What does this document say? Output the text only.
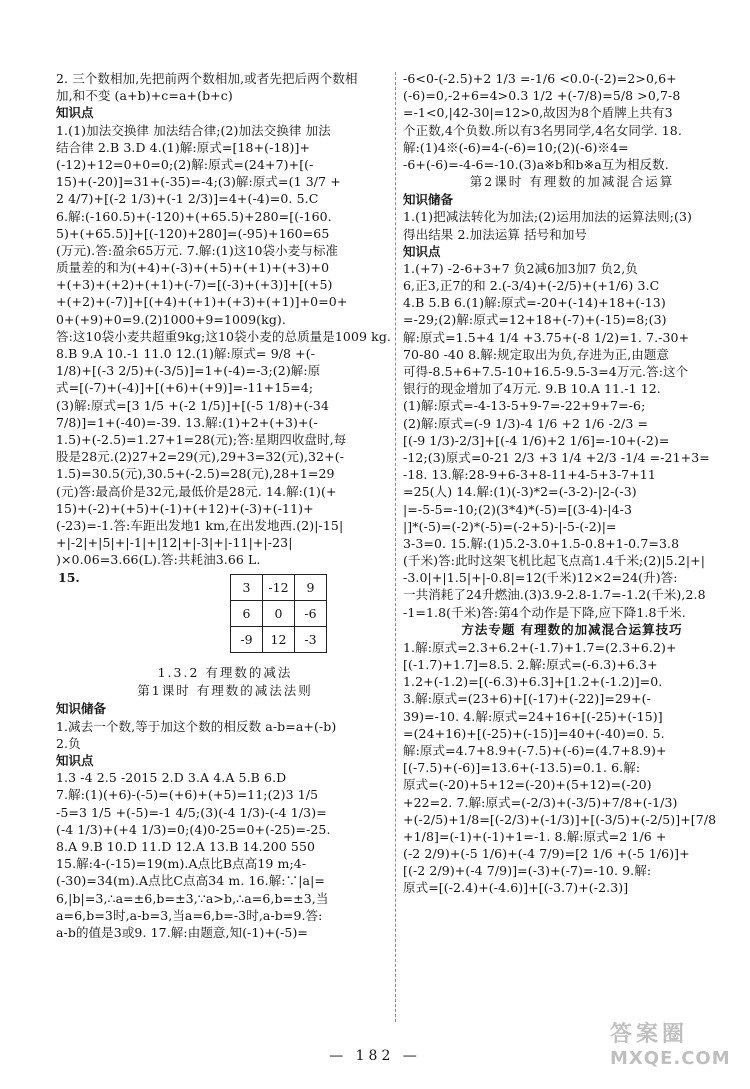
2. 三个数相加,先把前两个数相加,或者先把后两个数相
加,和不变 (a+b)+c=a+(b+c)
知识点
1.(1)加法交换律 加法结合律;(2)加法交换律 加法
结合律 2.B 3.D 4.(1)解:原式=[18+(-18)]+
(-12)+12=0+0=0;(2)解:原式=(24+7)+[(-
15)+(-20)]=31+(-35)=-4;(3)解:原式=(1 3/7 +
2 4/7)+[(-2 1/3)+(-1 2/3)]=4+(-4)=0. 5.C
6.解:(-160.5)+(-120)+(+65.5)+280=[(-160.
5)+(+65.5)]+[(-120)+280]=(-95)+160=65
(万元).答:盈余65万元. 7.解:(1)这10袋小麦与标准
质量差的和为(+4)+(-3)+(+5)+(+1)+(+3)+0
+(+3)+(+2)+(+1)+(-7)=[(-3)+(+3)]+[(+5)
+(+2)+(-7)]+[(+4)+(+1)+(+3)+(+1)]+0=0+
0+(+9)+0=9.(2)1000+9=1009(kg).
答:这10袋小麦共超重9kg;这10袋小麦的总质量是1009 kg.
8.B 9.A 10.-1 11.0 12.(1)解:原式= 9/8 +(-
1/8)+[(-3 2/5)+(-3/5)]=1+(-4)=-3;(2)解:原
式=[(-7)+(-4)]+[(+6)+(+9)]=-11+15=4;
(3)解:原式=[3 1/5 +(-2 1/5)]+[(-5 1/8)+(-34
7/8)]=1+(-40)=-39. 13.解:(1)+2+(+3)+(-
1.5)+(-2.5)=1.27+1=28(元);答:星期四收盘时,每
股是28元.(2)27+2=29(元),29+3=32(元),32+(-
1.5)=30.5(元),30.5+(-2.5)=28(元),28+1=29
(元)答:最高价是32元,最低价是28元. 14.解:(1)(+
15)+(-2)+(+5)+(-1)+(+12)+(-3)+(-11)+
(-23)=-1.答:车距出发地1 km,在出发地西.(2)|-15|
+|-2|+|5|+|-1|+|12|+|-3|+|-11|+|-23|
)×0.06=3.66(L).答:共耗油3.66 L.
15.
3	-12	9
6	0	-6
-9	12	-3
1.3.2 有理数的减法
第1课时 有理数的减法法则
知识储备
1.减去一个数,等于加这个数的相反数 a-b=a+(-b)
2.负
知识点
1.3 -4 2.5 -2015 2.D 3.A 4.A 5.B 6.D
7.解:(1)(+6)-(-5)=(+6)+(+5)=11;(2)3 1/5
-5=3 1/5 +(-5)=-1 4/5;(3)(-4 1/3)-(-4 1/3)=
(-4 1/3)+(+4 1/3)=0;(4)0-25=0+(-25)=-25.
8.A 9.B 10.D 11.D 12.A 13.B 14.200 550
15.解:4-(-15)=19(m).A点比B点高19 m;4-
(-30)=34(m).A点比C点高34 m. 16.解:∵|a|=
6,|b|=3,∴a=±6,b=±3,∵a>b,∴a=6,b=±3,当
a=6,b=3时,a-b=3,当a=6,b=-3时,a-b=9.答:
a-b的值是3或9. 17.解:由题意,知(-1)+(-5)=
-6<0-(-2.5)+2 1/3 =-1/6 <0.0-(-2)=2>0,6+
(-6)=0,-2+6=4>0.3 1/2 +(-7/8)=5/8 >0,7-8
=-1<0,|42-30|=12>0,故因为8个盾牌上共有3
个正数,4个负数.所以有3名男同学,4名女同学. 18.
解:(1)4※(-6)=4-(-6)=10;(2)(-6)※4=
-6+(-6)=-4-6=-10.(3)a※b和b※a互为相反数.
第2课时 有理数的加减混合运算
知识储备
1.(1)把减法转化为加法;(2)运用加法的运算法则;(3)
得出结果 2.加法运算 括号和加号
知识点
1.(+7) -2-6+3+7 负2减6加3加7 负2,负
6,正3,正7的和 2.(-3/4)+(-2/5)+(+1/6) 3.C
4.B 5.B 6.(1)解:原式=-20+(-14)+18+(-13)
=-29;(2)解:原式=12+18+(-7)+(-15)=8;(3)
解:原式=1.5+4 1/4 +3.75+(-8 1/2)=1. 7.-30+
70-80 -40 8.解:规定取出为负,存进为正,由题意
可得-8.5+6+7.5-10+16.5-9.5-3=4万元.答:这个
银行的现金增加了4万元. 9.B 10.A 11.-1 12.
(1)解:原式=-4-13-5+9-7=-22+9+7=-6;
(2)解:原式=(-9 1/3)-4 1/6 +2 1/6 -2/3 =
[(-9 1/3)-2/3]+[(-4 1/6)+2 1/6]=-10+(-2)=
-12;(3)原式=0-21 2/3 +3 1/4 +2/3 -1/4 =-21+3=
-18. 13.解:28-9+6-3+8-11+4-5+3-7+11
=25(人) 14.解:(1)(-3)*2=(-3-2)-|2-(-3)
|=-5-5=-10;(2)(3*4)*(-5)=[(3-4)-|4-3
|]*(-5)=(-2)*(-5)=(-2+5)-|-5-(-2)|=
3-3=0. 15.解:(1)5.2-3.0+1.5-0.8+1-0.7=3.8
(千米)答:此时这架飞机比起飞点高1.4千米;(2)|5.2|+|
-3.0|+|1.5|+|-0.8|=12(千米)12×2=24(升)答:
一共消耗了24升燃油.(3)3.9-2.8-1.7=-1.2(千米),2.8
-1=1.8(千米)答:第4个动作是下降,应下降1.8千米.
方法专题 有理数的加减混合运算技巧
1.解:原式=2.3+6.2+(-1.7)+1.7=(2.3+6.2)+
[(-1.7)+1.7]=8.5. 2.解:原式=(-6.3)+6.3+
1.2+(-1.2)=[(-6.3)+6.3]+[1.2+(-1.2)]=0.
3.解:原式=(23+6)+[(-17)+(-22)]=29+(-
39)=-10. 4.解:原式=24+16+[(-25)+(-15)]
=(24+16)+[(-25)+(-15)]=40+(-40)=0. 5.
解:原式=4.7+8.9+(-7.5)+(-6)=(4.7+8.9)+
[(-7.5)+(-6)]=13.6+(-13.5)=0.1. 6.解:
原式=(-20)+5+12=(-20)+(5+12)=(-20)
+22=2. 7.解:原式=(-2/3)+(-3/5)+7/8+(-1/3)
+(-2/5)+1/8=[(-2/3)+(-1/3)]+[(-3/5)+(-2/5)]+[7/8
+1/8]=(-1)+(-1)+1=-1. 8.解:原式=2 1/6 +
(-2 2/9)+(-5 1/6)+(-4 7/9)=[2 1/6 +(-5 1/6)]+
[(-2 2/9)+(-4 7/9)]=(-3)+(-7)=-10. 9.解:
原式=[(-2.4)+(-4.6)]+[(-3.7)+(-2.3)]
— 182 —
答案圈
MXQE.COM
